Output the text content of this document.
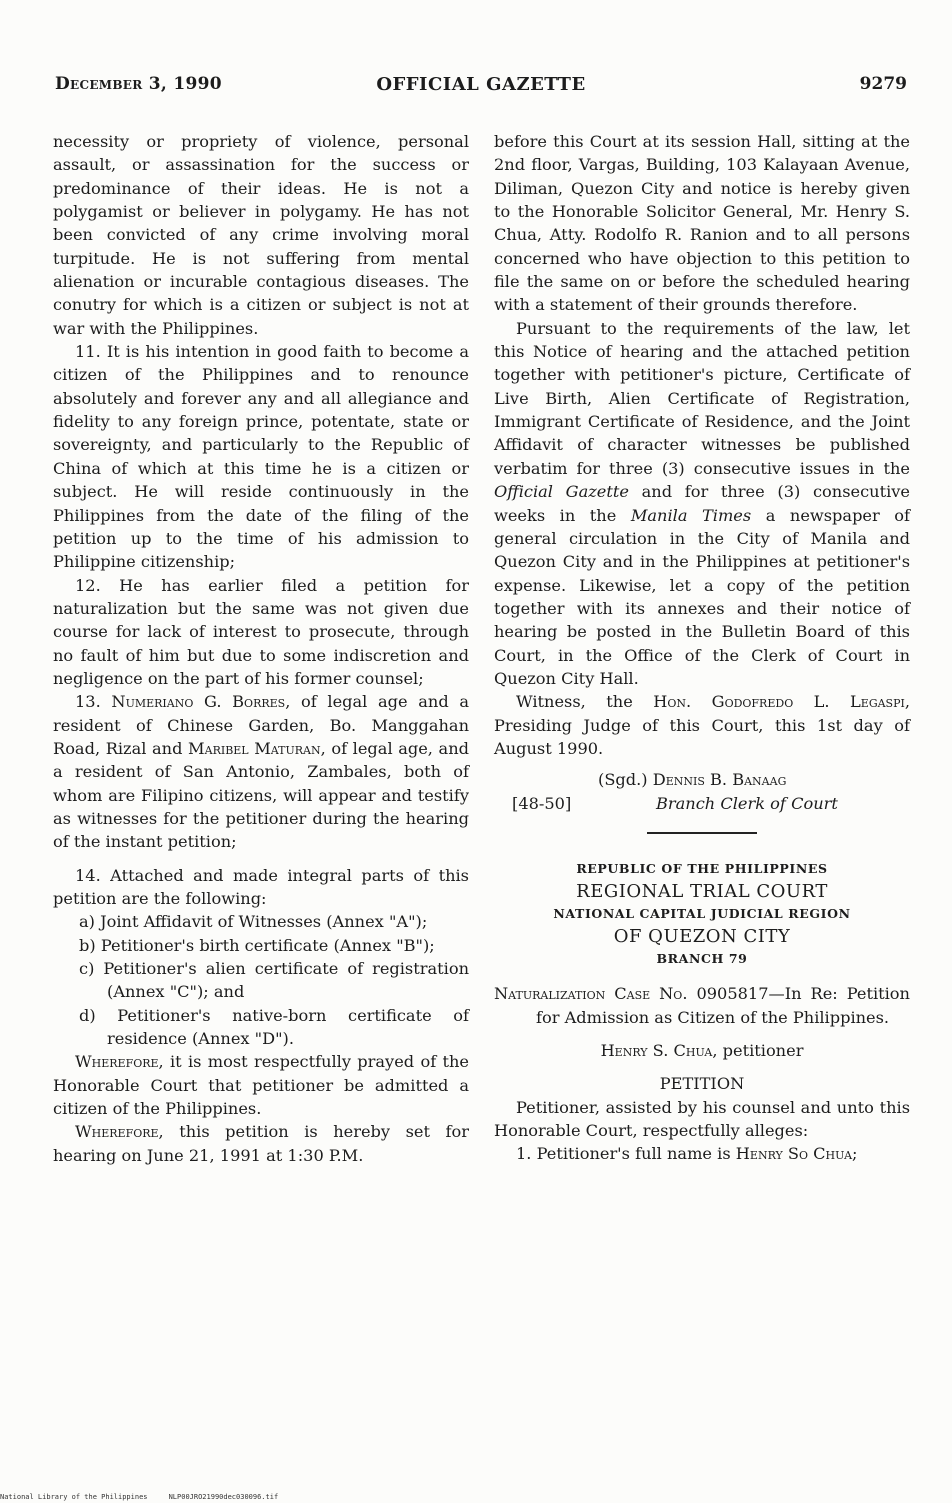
December 3, 1990	OFFICIAL GAZETTE	9279

necessity or propriety of violence, personal assault, or assassination for the success or predominance of their ideas. He is not a polygamist or believer in polygamy. He has not been convicted of any crime involving moral turpitude. He is not suffering from mental alienation or incurable contagious diseases. The conutry for which is a citizen or subject is not at war with the Philippines.

11. It is his intention in good faith to become a citizen of the Philippines and to renounce absolutely and forever any and all allegiance and fidelity to any foreign prince, potentate, state or sovereignty, and particularly to the Republic of China of which at this time he is a citizen or subject. He will reside continuously in the Philippines from the date of the filing of the petition up to the time of his admission to Philippine citizenship;

12. He has earlier filed a petition for naturalization but the same was not given due course for lack of interest to prosecute, through no fault of him but due to some indiscretion and negligence on the part of his former counsel;

13. Numeriano G. Borres, of legal age and a resident of Chinese Garden, Bo. Manggahan Road, Rizal and Maribel Maturan, of legal age, and a resident of San Antonio, Zambales, both of whom are Filipino citizens, will appear and testify as witnesses for the petitioner during the hearing of the instant petition;

14. Attached and made integral parts of this petition are the following:

a) Joint Affidavit of Witnesses (Annex "A");

b) Petitioner's birth certificate (Annex "B");

c) Petitioner's alien certificate of registration (Annex "C"); and

d) Petitioner's native-born certificate of residence (Annex "D").

Wherefore, it is most respectfully prayed of the Honorable Court that petitioner be admitted a citizen of the Philippines.

Wherefore, this petition is hereby set for hearing on June 21, 1991 at 1:30 P.M.

before this Court at its session Hall, sitting at the 2nd floor, Vargas, Building, 103 Kalayaan Avenue, Diliman, Quezon City and notice is hereby given to the Honorable Solicitor General, Mr. Henry S. Chua, Atty. Rodolfo R. Ranion and to all persons concerned who have objection to this petition to file the same on or before the scheduled hearing with a statement of their grounds therefore.

Pursuant to the requirements of the law, let this Notice of hearing and the attached petition together with petitioner's picture, Certificate of Live Birth, Alien Certificate of Registration, Immigrant Certificate of Residence, and the Joint Affidavit of character witnesses be published verbatim for three (3) consecutive issues in the Official Gazette and for three (3) consecutive weeks in the Manila Times a newspaper of general circulation in the City of Manila and Quezon City and in the Philippines at petitioner's expense. Likewise, let a copy of the petition together with its annexes and their notice of hearing be posted in the Bulletin Board of this Court, in the Office of the Clerk of Court in Quezon City Hall.

Witness, the Hon. Godofredo L. Legaspi, Presiding Judge of this Court, this 1st day of August 1990.

(Sgd.) Dennis B. Banaag
[48-50]	Branch Clerk of Court

REPUBLIC OF THE PHILIPPINES

REGIONAL TRIAL COURT

NATIONAL CAPITAL JUDICIAL REGION

OF QUEZON CITY

BRANCH 79

Naturalization Case No. 0905817—In Re: Petition for Admission as Citizen of the Philippines.

Henry S. Chua, petitioner

PETITION

Petitioner, assisted by his counsel and unto this Honorable Court, respectfully alleges:

1. Petitioner's full name is Henry So Chua;

National Library of the Philippines	NLP00JRO21990dec030096.tif
